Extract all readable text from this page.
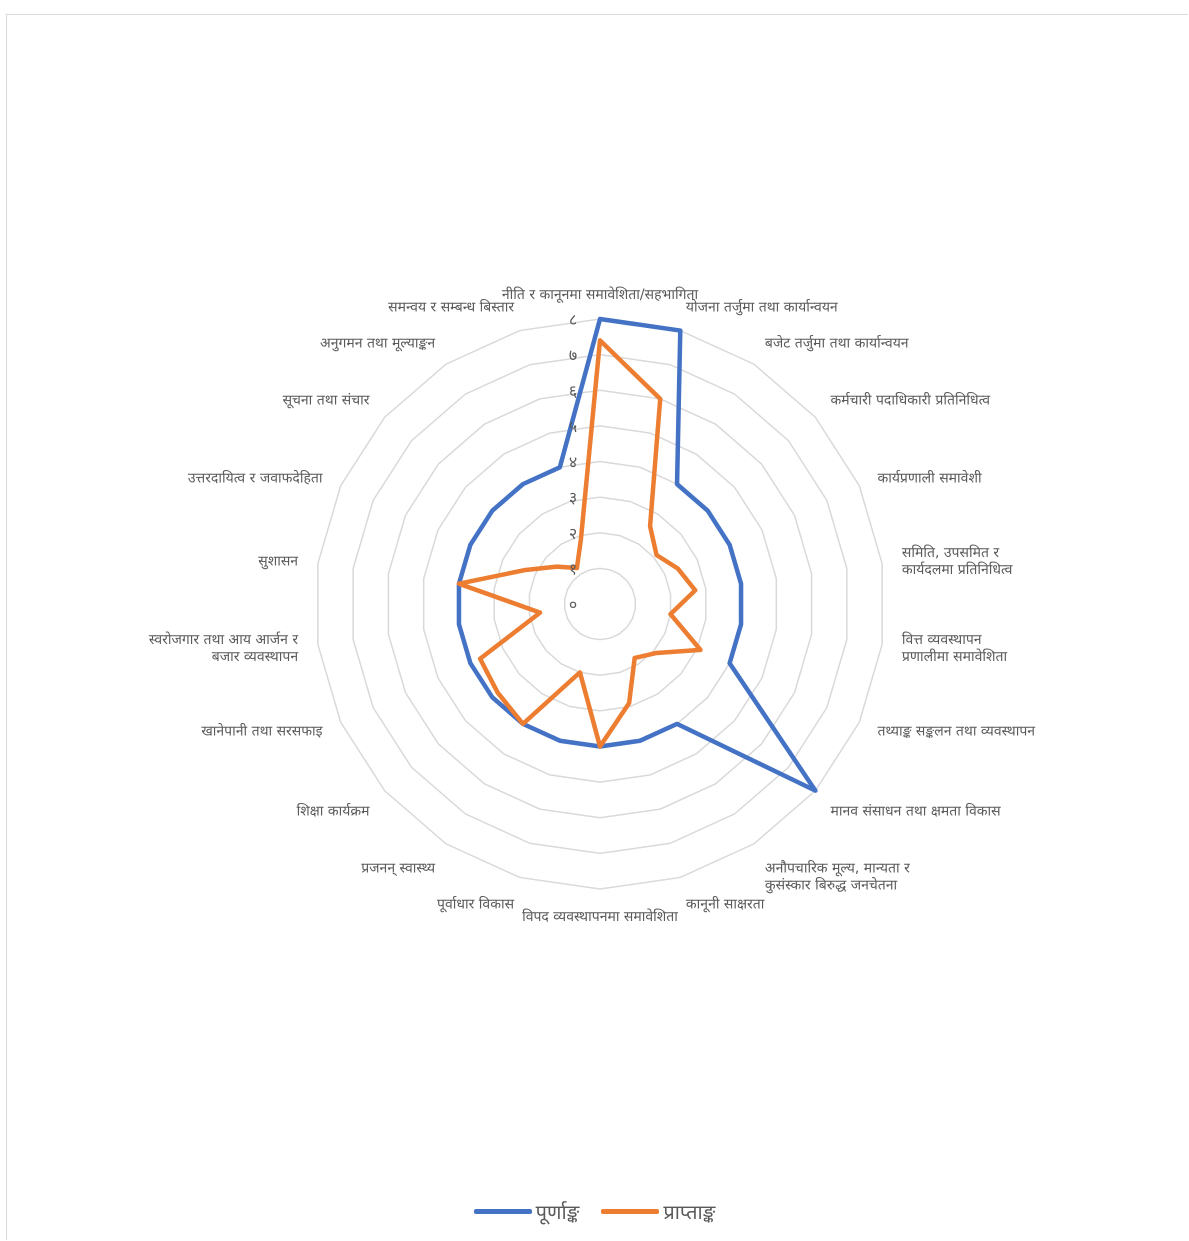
०
१
२
३
४
५
६
७
८
नीति र कानूनमा समावेशिता/सहभागिता
योजना तर्जुमा तथा कार्यान्वयन
बजेट तर्जुमा तथा कार्यान्वयन
कर्मचारी पदाधिकारी प्रतिनिधित्व
कार्यप्रणाली समावेशी
समिति, उपसमित र कार्यदलमा प्रतिनिधित्व
वित्त व्यवस्थापन प्रणालीमा समावेशिता
तथ्याङ्क सङ्कलन तथा व्यवस्थापन
मानव संसाधन तथा क्षमता विकास
अनौपचारिक मूल्य, मान्यता र कुसंस्कार बिरुद्ध जनचेतना
कानूनी साक्षरता
विपद व्यवस्थापनमा समावेशिता
पूर्वाधार विकास
प्रजनन् स्वास्थ्य
शिक्षा कार्यक्रम
खानेपानी तथा सरसफाइ
स्वरोजगार तथा आय आर्जन र बजार व्यवस्थापन
सुशासन
उत्तरदायित्व र जवाफदेहिता
सूचना तथा संचार
अनुगमन तथा मूल्याङ्कन
समन्वय र सम्बन्ध बिस्तार
पूर्णाङ्क	प्राप्ताङ्क
